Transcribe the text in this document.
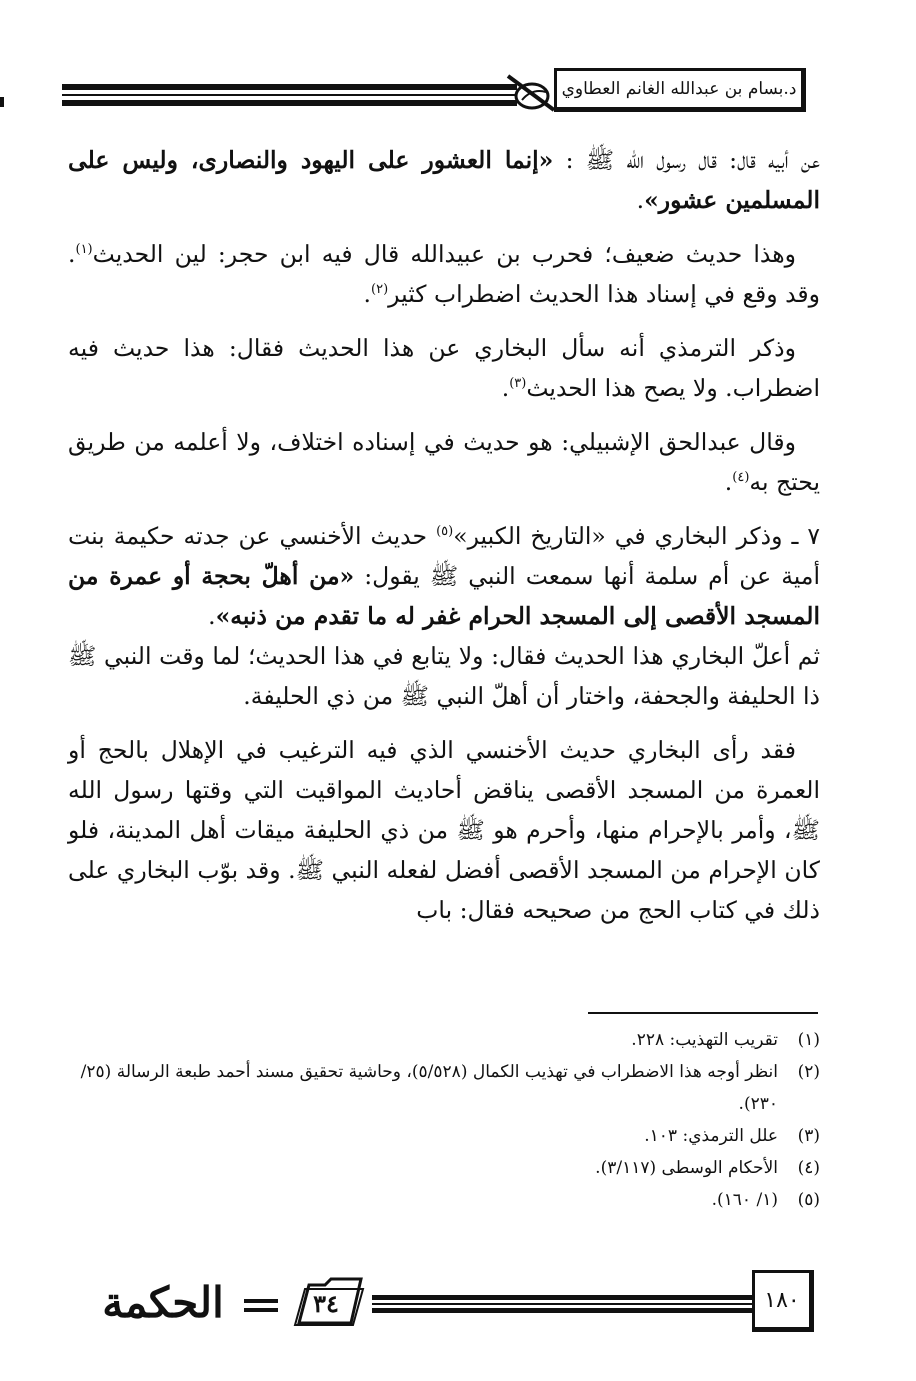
د.بسام بن عبدالله الغانم العطاوي

عن أبيه قال: قال رسول الله ﷺ : «إنما العشور على اليهود والنصارى، وليس على المسلمين عشور».

وهذا حديث ضعيف؛ فحرب بن عبيدالله قال فيه ابن حجر: لين الحديث$^{(١)}$. وقد وقع في إسناد هذا الحديث اضطراب كثير$^{(٢)}$.

وذكر الترمذي أنه سأل البخاري عن هذا الحديث فقال: هذا حديث فيه اضطراب. ولا يصح هذا الحديث$^{(٣)}$.

وقال عبدالحق الإشبيلي: هو حديث في إسناده اختلاف، ولا أعلمه من طريق يحتج به$^{(٤)}$.

٧ ـ وذكر البخاري في «التاريخ الكبير»$^{(٥)}$ حديث الأخنسي عن جدته حكيمة بنت أمية عن أم سلمة أنها سمعت النبي ﷺ يقول: «من أهلّ بحجة أو عمرة من المسجد الأقصى إلى المسجد الحرام غفر له ما تقدم من ذنبه».

ثم أعلّ البخاري هذا الحديث فقال: ولا يتابع في هذا الحديث؛ لما وقت النبي ﷺ ذا الحليفة والجحفة، واختار أن أهلّ النبي ﷺ من ذي الحليفة.

فقد رأى البخاري حديث الأخنسي الذي فيه الترغيب في الإهلال بالحج أو العمرة من المسجد الأقصى يناقض أحاديث المواقيت التي وقتها رسول الله ﷺ، وأمر بالإحرام منها، وأحرم هو ﷺ من ذي الحليفة ميقات أهل المدينة، فلو كان الإحرام من المسجد الأقصى أفضل لفعله النبي ﷺ. وقد بوّب البخاري على ذلك في كتاب الحج من صحيحه فقال: باب

(١)
تقريب التهذيب: ٢٢٨.
(٢)
انظر أوجه هذا الاضطراب في تهذيب الكمال (٥/٥٢٨)، وحاشية تحقيق مسند أحمد طبعة الرسالة (٢٥/ ٢٣٠).
(٣)
علل الترمذي: ١٠٣.
(٤)
الأحكام الوسطى (٣/١١٧).
(٥)
(١/ ١٦٠).
الحكمة	٣٤	١٨٠
